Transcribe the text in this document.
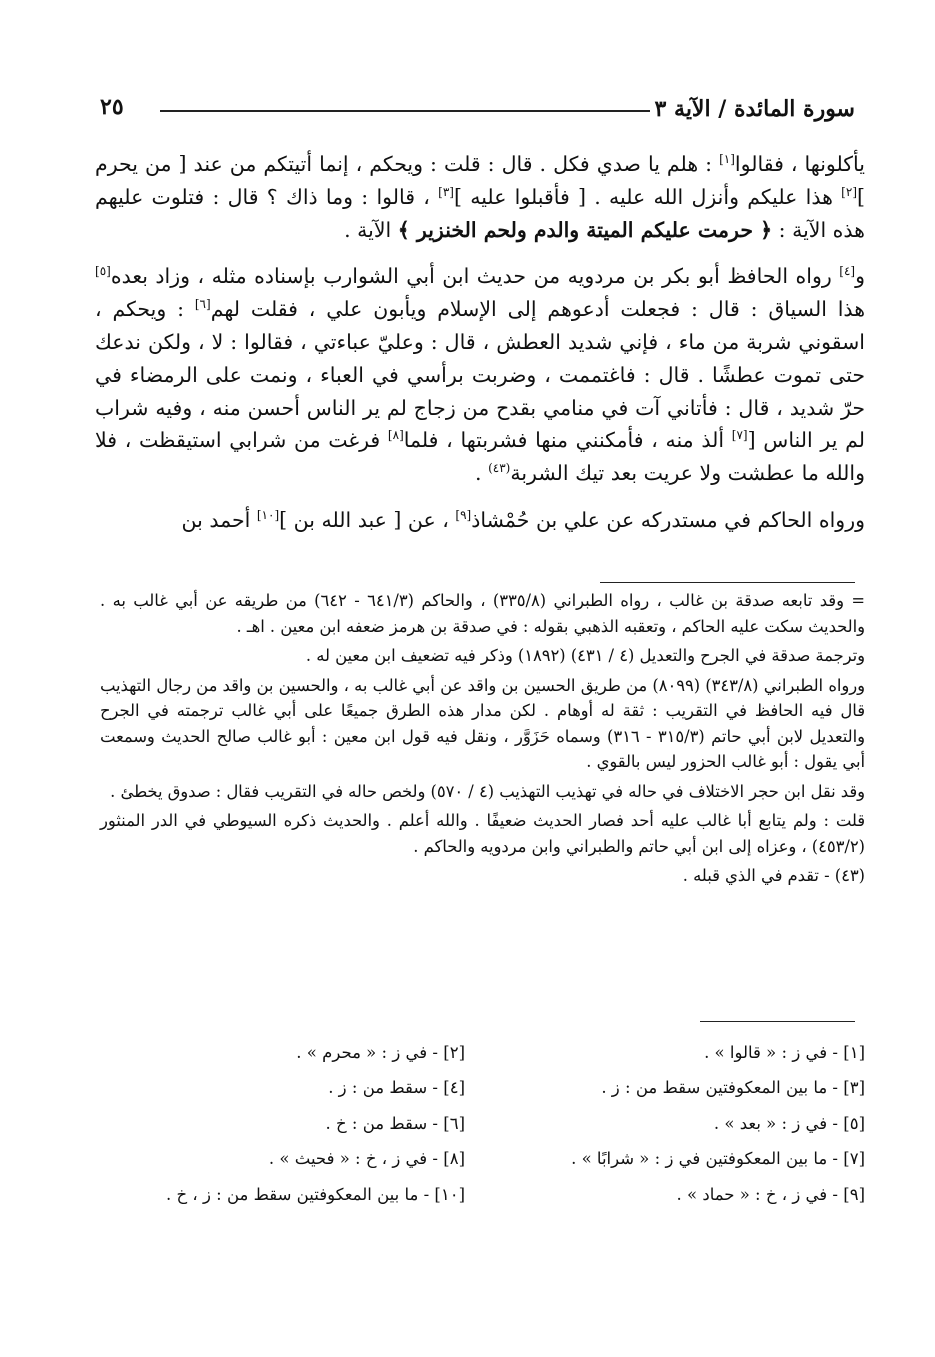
سورة المائدة / الآية ٣
٢٥

يأكلونها ، فقالوا[١] : هلم يا صدي فكل . قال : قلت : ويحكم ، إنما أتيتكم من عند [ من يحرم ][٢] هذا عليكم وأنزل الله عليه . [ فأقبلوا عليه ][٣] ، قالوا : وما ذاك ؟ قال : فتلوت عليهم هذه الآية : ﴿ حرمت عليكم الميتة والدم ولحم الخنزير ﴾ الآية .

و[٤] رواه الحافظ أبو بكر بن مردويه من حديث ابن أبي الشوارب بإسناده مثله ، وزاد بعده[٥] هذا السياق : قال : فجعلت أدعوهم إلى الإسلام ويأبون علي ، فقلت لهم[٦] : ويحكم ، اسقوني شربة من ماء ، فإني شديد العطش ، قال : وعليّ عباءتي ، فقالوا : لا ، ولكن ندعك حتى تموت عطشًا . قال : فاغتممت ، وضربت برأسي في العباء ، ونمت على الرمضاء في حرّ شديد ، قال : فأتاني آت في منامي بقدح من زجاج لم ير الناس أحسن منه ، وفيه شراب لم ير الناس [[٧] ألذ منه ، فأمكنني منها فشربتها ، فلما[٨] فرغت من شرابي استيقظت ، فلا والله ما عطشت ولا عريت بعد تيك الشربة$^{(٤٣)}$ .

ورواه الحاكم في مستدركه عن علي بن حُمْشاذ[٩] ، عن [ عبد الله بن ][١٠] أحمد بن

= وقد تابعه صدقة بن غالب ، رواه الطبراني (٣٣٥/٨) ، والحاكم (٦٤١/٣ - ٦٤٢) من طريقه عن أبي غالب به . والحديث سكت عليه الحاكم ، وتعقبه الذهبي بقوله : في صدقة بن هرمز ضعفه ابن معين . اهـ .

وترجمة صدقة في الجرح والتعديل (٤ / ٤٣١) (١٨٩٢) وذكر فيه تضعيف ابن معين له .

ورواه الطبراني (٣٤٣/٨) (٨٠٩٩) من طريق الحسين بن واقد عن أبي غالب به ، والحسين بن واقد من رجال التهذيب قال فيه الحافظ في التقريب : ثقة له أوهام . لكن مدار هذه الطرق جميعًا على أبي غالب ترجمته في الجرح والتعديل لابن أبي حاتم (٣١٥/٣ - ٣١٦) وسماه حَزَوَّر ، ونقل فيه قول ابن معين : أبو غالب صالح الحديث وسمعت أبي يقول : أبو غالب الحزور ليس بالقوي .

وقد نقل ابن حجر الاختلاف في حاله في تهذيب التهذيب (٤ / ٥٧٠) ولخص حاله في التقريب فقال : صدوق يخطئ .

قلت : ولم يتابع أبا غالب عليه أحد فصار الحديث ضعيفًا . والله أعلم . والحديث ذكره السيوطي في الدر المنثور (٤٥٣/٢) ، وعزاه إلى ابن أبي حاتم والطبراني وابن مردويه والحاكم .

(٤٣) - تقدم في الذي قبله .

[١] - في ز : « قالوا » .
[٢] - في ز : « محرم » .
[٣] - ما بين المعكوفتين سقط من : ز .
[٤] - سقط من : ز .
[٥] - في ز : « بعد » .
[٦] - سقط من : خ .
[٧] - ما بين المعكوفتين في ز : « شرابًا » .
[٨] - في ز ، خ : « فحيث » .
[٩] - في ز ، خ : « حماد » .
[١٠] - ما بين المعكوفتين سقط من : ز ، خ .
